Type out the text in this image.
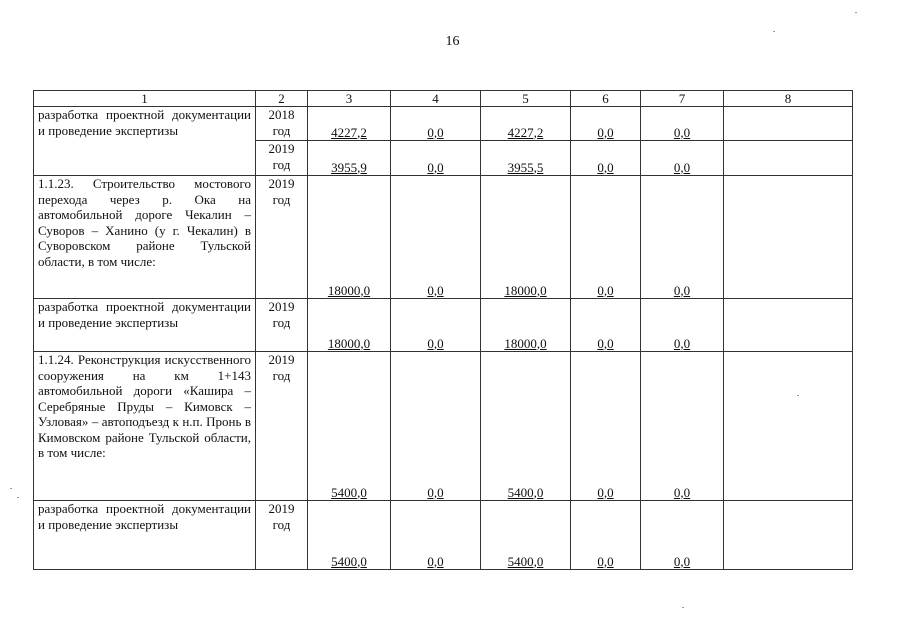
16
1	2	3	4	5	6	7	8
разработка проектной документации и проведение экспертизы	2018 год	4227,2	0,0	4227,2	0,0	0,0	
	2019 год	3955,9	0,0	3955,5	0,0	0,0	
1.1.23. Строительство мостового перехода через р. Ока на автомобильной дороге Чекалин – Суворов – Ханино (у г. Чекалин) в Суворовском районе Тульской области, в том числе:	2019 год	18000,0	0,0	18000,0	0,0	0,0	
разработка проектной документации и проведение экспертизы	2019 год	18000,0	0,0	18000,0	0,0	0,0	
1.1.24. Реконструкция искусственного сооружения на км 1+143 автомобильной дороги «Кашира – Серебряные Пруды – Кимовск – Узловая» – автоподъезд к н.п. Пронь в Кимовском районе Тульской области, в том числе:	2019 год	5400,0	0,0	5400,0	0,0	0,0	
разработка проектной документации и проведение экспертизы	2019 год	5400,0	0,0	5400,0	0,0	0,0	
